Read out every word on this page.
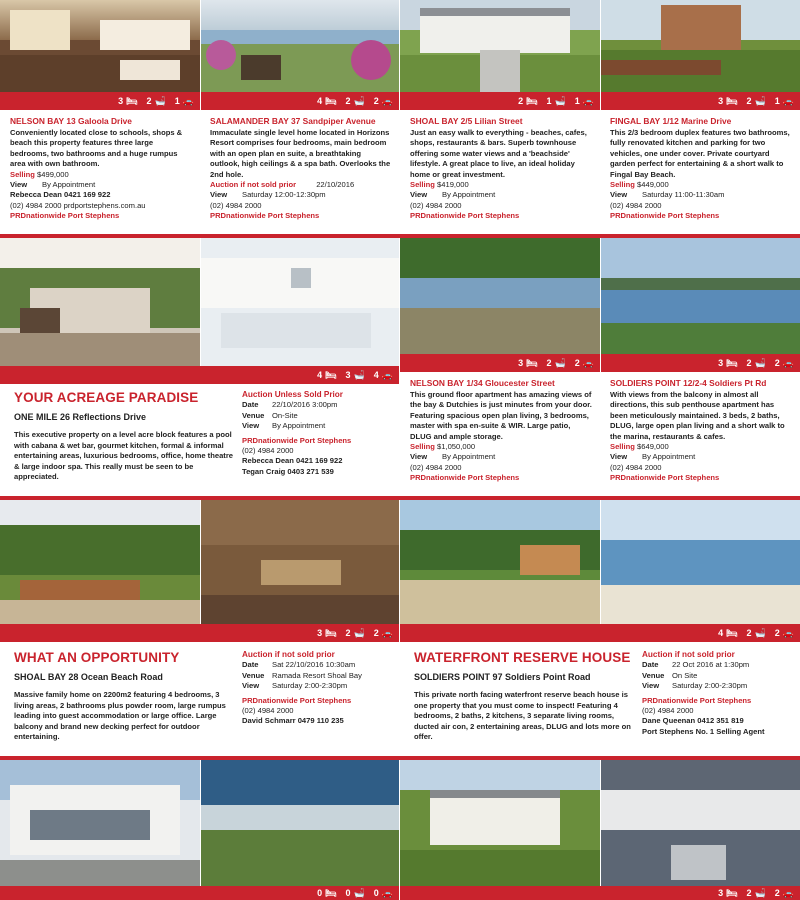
3 🛏 2 🛁 1 🚗	4 🛏 2 🛁 2 🚗	2 🛏 1 🛁 1 🚗	3 🛏 2 🛁 1 🚗
NELSON BAY 13 Galoola Drive
Conveniently located close to schools, shops & beach this property features three large bedrooms, two bathrooms and a huge rumpus area with own bathroom.
Selling $499,000
View By Appointment
Rebecca Dean 0421 169 922
(02) 4984 2000 prdportstephens.com.au
PRDnationwide Port Stephens
SALAMANDER BAY 37 Sandpiper Avenue
Immaculate single level home located in Horizons Resort comprises four bedrooms, main bedroom with an open plan en suite, a breathtaking outlook, high ceilings & a spa bath. Overlooks the 2nd hole.
Auction if not sold prior	22/10/2016
View Saturday 12:00-12:30pm
(02) 4984 2000
PRDnationwide Port Stephens
SHOAL BAY 2/5 Lilian Street
Just an easy walk to everything - beaches, cafes, shops, restaurants & bars. Superb townhouse offering some water views and a 'beachside' lifestyle. A great place to live, an ideal holiday home or great investment.
Selling $419,000
View By Appointment
(02) 4984 2000
PRDnationwide Port Stephens
FINGAL BAY 1/12 Marine Drive
This 2/3 bedroom duplex features two bathrooms, fully renovated kitchen and parking for two vehicles, one under cover. Private courtyard garden perfect for entertaining & a short walk to Fingal Bay Beach.
Selling $449,000
View Saturday 11:00-11:30am
(02) 4984 2000
PRDnationwide Port Stephens
4 🛏 3 🛁 4 🚗
YOUR ACREAGE PARADISE
ONE MILE 26 Reflections Drive
This executive property on a level acre block features a pool with cabana & wet bar, gourmet kitchen, formal & informal entertaining areas, luxurious bedrooms, office, home theatre & large indoor spa. This really must be seen to be appreciated.
Auction Unless Sold Prior
Date 22/10/2016 3:00pm
Venue On-Site
View By Appointment
PRDnationwide Port Stephens
(02) 4984 2000
Rebecca Dean 0421 169 922
Tegan Craig 0403 271 539
3 🛏 2 🛁 2 🚗	3 🛏 2 🛁 2 🚗
NELSON BAY 1/34 Gloucester Street
This ground floor apartment has amazing views of the bay & Dutchies is just minutes from your door. Featuring spacious open plan living, 3 bedrooms, master with spa en-suite & WIR. Large patio, DLUG and ample storage.
Selling $1,050,000
View By Appointment
(02) 4984 2000
PRDnationwide Port Stephens
SOLDIERS POINT 12/2-4 Soldiers Pt Rd
With views from the balcony in almost all directions, this sub penthouse apartment has been meticulously maintained. 3 beds, 2 baths, DLUG, large open plan living and a short walk to the marina, restaurants & cafes.
Selling $649,000
View By Appointment
(02) 4984 2000
PRDnationwide Port Stephens
3 🛏 2 🛁 2 🚗	4 🛏 2 🛁 2 🚗
WHAT AN OPPORTUNITY
SHOAL BAY 28 Ocean Beach Road
Massive family home on 2200m2 featuring 4 bedrooms, 3 living areas, 2 bathrooms plus powder room, large rumpus leading into guest accommodation or large office. Large balcony and brand new decking perfect for outdoor entertaining.
Auction if not sold prior
Date Sat 22/10/2016 10:30am
Venue Ramada Resort Shoal Bay
View Saturday 2:00-2:30pm
PRDnationwide Port Stephens
(02) 4984 2000
David Schmarr 0479 110 235
WATERFRONT RESERVE HOUSE
SOLDIERS POINT 97 Soldiers Point Road
This private north facing waterfront reserve beach house is one property that you must come to inspect! Featuring 4 bedrooms, 2 baths, 2 kitchens, 3 separate living rooms, ducted air con, 2 entertaining areas, DLUG and lots more on offer.
Auction if not sold prior
Date 22 Oct 2016 at 1:30pm
Venue On Site
View Saturday 2:00-2:30pm
PRDnationwide Port Stephens
(02) 4984 2000
Dane Queenan 0412 351 819
Port Stephens No. 1 Selling Agent
0 🛏 0 🛁 0 🚗	3 🛏 2 🛁 2 🚗
